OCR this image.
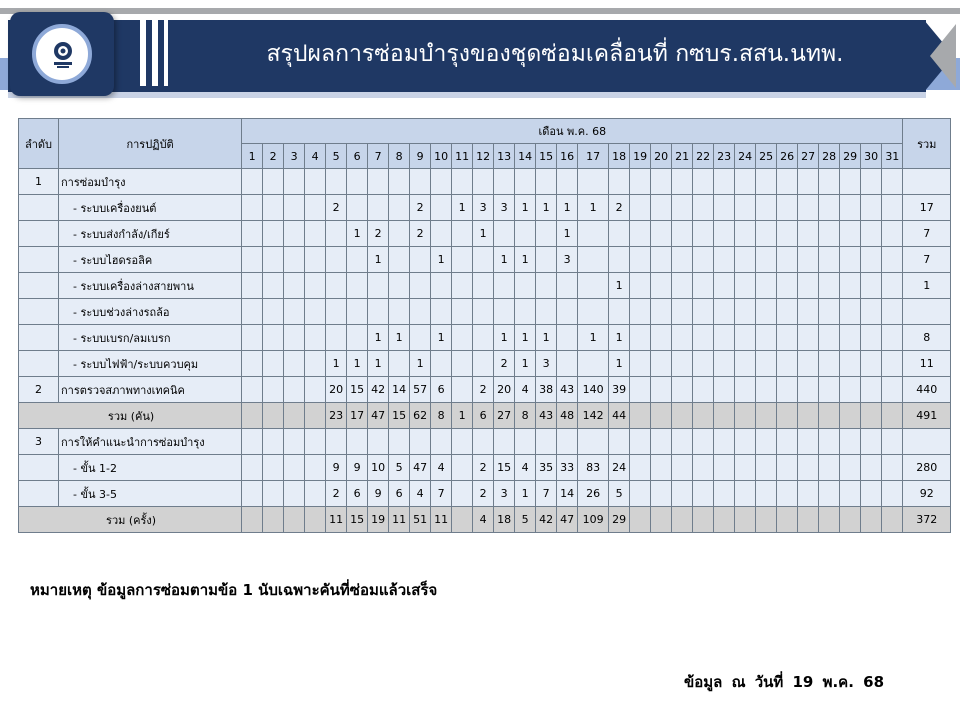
สรุปผลการซ่อมบำรุงของชุดซ่อมเคลื่อนที่ กซบร.สสน.นทพ.
ลำดับ	การปฏิบัติ	เดือน พ.ค. 68																															รวม
		1	2	3	4	5	6	7	8	9	10	11	12	13	14	15	16	17	18	19	20	21	22	23	24	25	26	27	28	29	30	31	
1	การซ่อมบำรุง																																
	- ระบบเครื่องยนต์					2				2		1	3	3	1	1	1	1	2														17
	- ระบบส่งกำลัง/เกียร์						1	2		2			1				1																7
	- ระบบไฮดรอลิค							1			1			1	1		3																7
	- ระบบเครื่องล่างสายพาน																		1														1
	- ระบบช่วงล่างรถล้อ																																
	- ระบบเบรก/ลมเบรก							1	1		1			1	1	1		1	1														8
	- ระบบไฟฟ้า/ระบบควบคุม					1	1	1		1				2	1	3			1														11
2	การตรวจสภาพทางเทคนิค					20	15	42	14	57	6		2	20	4	38	43	140	39														440
รวม (คัน)						23	17	47	15	62	8	1	6	27	8	43	48	142	44														491
3	การให้คำแนะนำการซ่อมบำรุง																																
	- ขั้น 1-2					9	9	10	5	47	4		2	15	4	35	33	83	24														280
	- ขั้น 3-5					2	6	9	6	4	7		2	3	1	7	14	26	5														92
รวม (ครั้ง)						11	15	19	11	51	11		4	18	5	42	47	109	29														372
หมายเหตุ ข้อมูลการซ่อมตามข้อ 1 นับเฉพาะคันที่ซ่อมแล้วเสร็จ
ข้อมูล ณ วันที่ 19 พ.ค. 68
